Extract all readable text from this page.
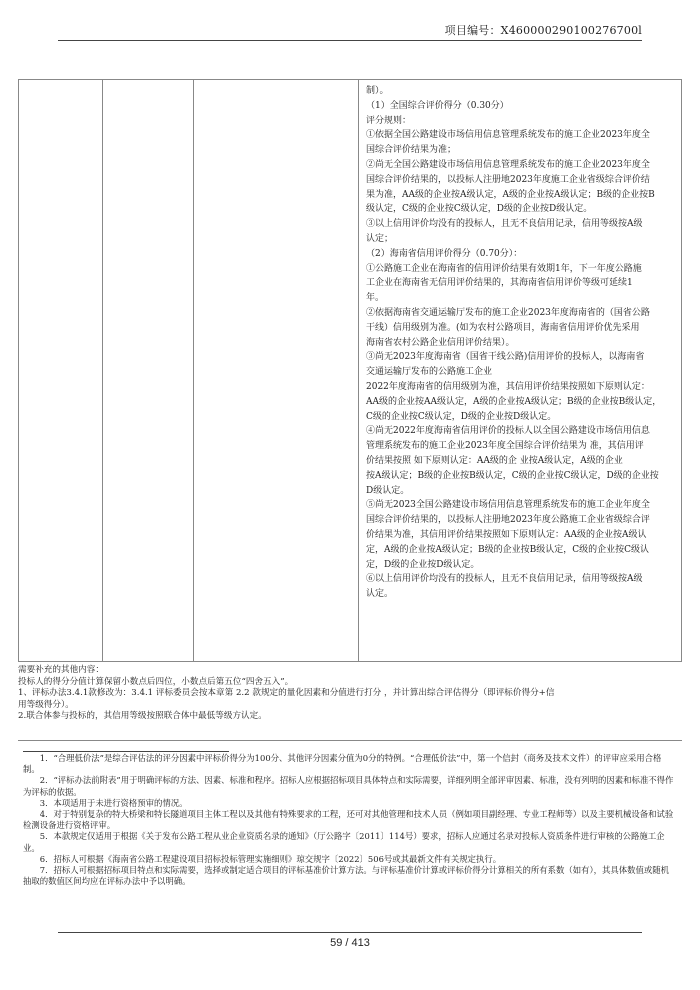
项目编号：X460000290100276700l

制）。

（1）全国综合评价得分（0.30分）

评分规则：

①依据全国公路建设市场信用信息管理系统发布的施工企业2023年度全

国综合评价结果为准；

②尚无全国公路建设市场信用信息管理系统发布的施工企业2023年度全

国综合评价结果的，以投标人注册地2023年度施工企业省级综合评价结

果为准，AA级的企业按A级认定，A级的企业按A级认定；B级的企业按B

级认定，C级的企业按C级认定，D级的企业按D级认定。

③以上信用评价均没有的投标人，且无不良信用记录，信用等级按A级

认定；

（2）海南省信用评价得分（0.70分）：

①公路施工企业在海南省的信用评价结果有效期1年，下一年度公路施

工企业在海南省无信用评价结果的，其海南省信用评价等级可延续1

年。

②依据海南省交通运输厅发布的施工企业2023年度海南省的（国省公路

干线）信用级别为准。(如为农村公路项目，海南省信用评价优先采用

海南省农村公路企业信用评价结果）。

③尚无2023年度海南省（国省干线公路)信用评价的投标人，以海南省

交通运输厅发布的公路施工企业

2022年度海南省的信用级别为准，其信用评价结果按照如下原则认定：

AA级的企业按AA级认定，A级的企业按A级认定；B级的企业按B级认定，

C级的企业按C级认定，D级的企业按D级认定。

④尚无2022年度海南省信用评价的投标人以全国公路建设市场信用信息

管理系统发布的施工企业2023年度全国综合评价结果为 准，其信用评

价结果按照 如下原则认定：AA级的企 业按A级认定，A级的企业

按A级认定；B级的企业按B级认定，C级的企业按C级认定，D级的企业按

D级认定。

⑤尚无2023全国公路建设市场信用信息管理系统发布的施工企业年度全

国综合评价结果的，以投标人注册地2023年度公路施工企业省级综合评

价结果为准，其信用评价结果按照如下原则认定：AA级的企业按A级认

定，A级的企业按A级认定；B级的企业按B级认定，C级的企业按C级认

定，D级的企业按D级认定。

⑥以上信用评价均没有的投标人，且无不良信用记录，信用等级按A级

认定。

需要补充的其他内容：

投标人的得分分值计算保留小数点后四位，小数点后第五位“四舍五入”。

1、评标办法3.4.1款修改为：3.4.1 评标委员会按本章第 2.2 款规定的量化因素和分值进行打分 ，并计算出综合评估得分（即评标价得分+信

用等级得分）。

2.联合体参与投标的，其信用等级按照联合体中最低等级方认定。

1．“合理低价法”是综合评估法的评分因素中评标价得分为100分、其他评分因素分值为0分的特例。“合理低价法”中，第一个信封（商务及技术文件）的评审应采用合格制。

2．“评标办法前附表”用于明确评标的方法、因素、标准和程序。招标人应根据招标项目具体特点和实际需要，详细列明全部评审因素、标准，没有列明的因素和标准不得作为评标的依据。

3．本项适用于未进行资格预审的情况。

4．对于特别复杂的特大桥梁和特长隧道项目主体工程以及其他有特殊要求的工程，还可对其他管理和技术人员（例如项目副经理、专业工程师等）以及主要机械设备和试验检测设备进行资格评审。

5．本款规定仅适用于根据《关于发布公路工程从业企业资质名录的通知》（厅公路字〔2011〕114号）要求，招标人应通过名录对投标人资质条件进行审核的公路施工企业。

6．招标人可根据《海南省公路工程建设项目招标投标管理实施细则》琼交规字〔2022〕506号或其最新文件有关规定执行。

7．招标人可根据招标项目特点和实际需要，选择或制定适合项目的评标基准价计算方法。与评标基准价计算或评标价得分计算相关的所有系数（如有），其具体数值或随机抽取的数值区间均应在评标办法中予以明确。

59 / 413
